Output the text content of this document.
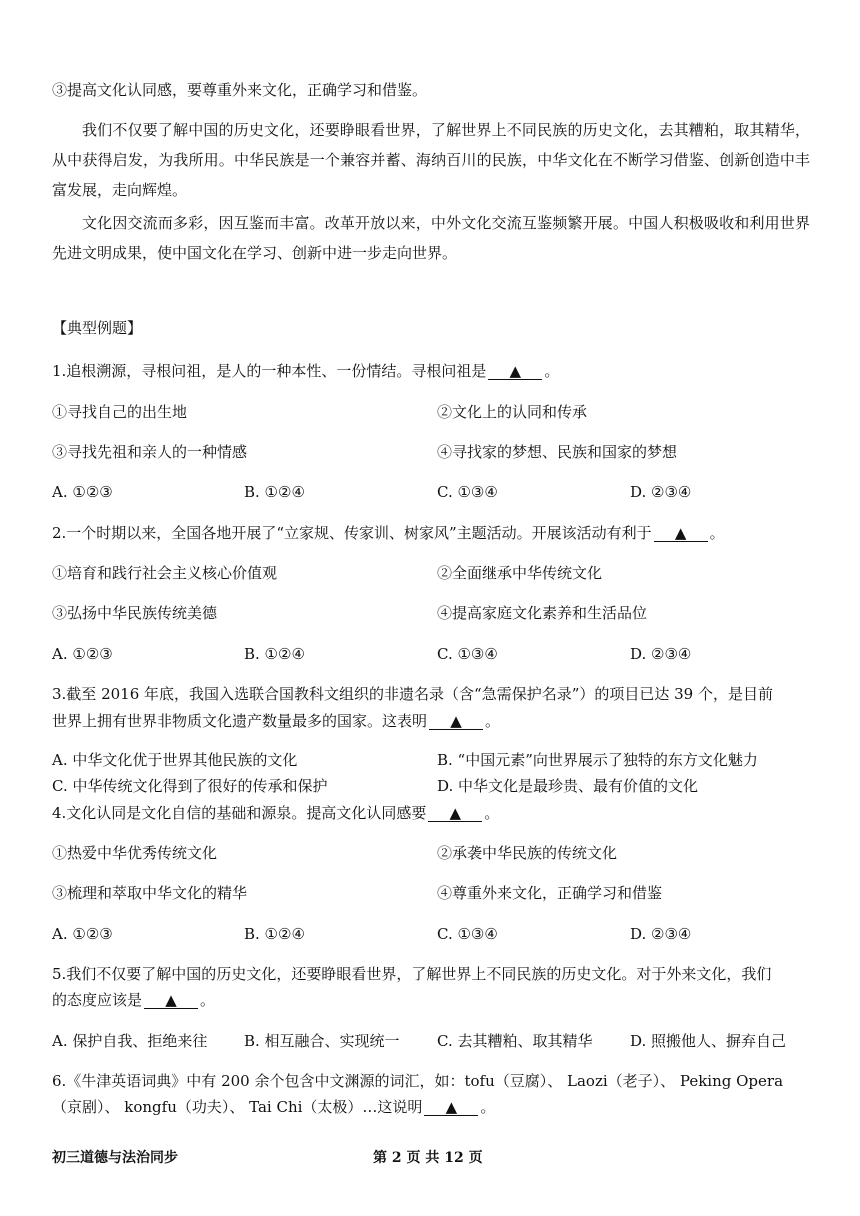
③提高文化认同感，要尊重外来文化，正确学习和借鉴。
我们不仅要了解中国的历史文化，还要睁眼看世界，了解世界上不同民族的历史文化，去其糟粕，取其精华，从中获得启发，为我所用。中华民族是一个兼容并蓄、海纳百川的民族，中华文化在不断学习借鉴、创新创造中丰富发展，走向辉煌。
文化因交流而多彩，因互鉴而丰富。改革开放以来，中外文化交流互鉴频繁开展。中国人积极吸收和利用世界先进文明成果，使中国文化在学习、创新中进一步走向世界。
【典型例题】
1.追根溯源，寻根问祖，是人的一种本性、一份情结。寻根问祖是 ▲ 。
①寻找自己的出生地	②文化上的认同和传承
③寻找先祖和亲人的一种情感	④寻找家的梦想、民族和国家的梦想
A. ①②③	B. ①②④	C. ①③④	D. ②③④
2.一个时期以来，全国各地开展了“立家规、传家训、树家风”主题活动。开展该活动有利于 ▲ 。
①培育和践行社会主义核心价值观	②全面继承中华传统文化
③弘扬中华民族传统美德	④提高家庭文化素养和生活品位
A. ①②③	B. ①②④	C. ①③④	D. ②③④
3.截至 2016 年底，我国入选联合国教科文组织的非遗名录（含“急需保护名录”）的项目已达 39 个，是目前
世界上拥有世界非物质文化遗产数量最多的国家。这表明 ▲ 。
A. 中华文化优于世界其他民族的文化	B. “中国元素”向世界展示了独特的东方文化魅力
C. 中华传统文化得到了很好的传承和保护	D. 中华文化是最珍贵、最有价值的文化
4.文化认同是文化自信的基础和源泉。提高文化认同感要 ▲ 。
①热爱中华优秀传统文化	②承袭中华民族的传统文化
③梳理和萃取中华文化的精华	④尊重外来文化，正确学习和借鉴
A. ①②③	B. ①②④	C. ①③④	D. ②③④
5.我们不仅要了解中国的历史文化，还要睁眼看世界，了解世界上不同民族的历史文化。对于外来文化，我们
的态度应该是 ▲ 。
A. 保护自我、拒绝来往 B. 相互融合、实现统一 C. 去其糟粕、取其精华	D. 照搬他人、摒弃自己
6.《牛津英语词典》中有 200 余个包含中文渊源的词汇，如：tofu（豆腐）、 Laozi（老子）、 Peking Opera
（京剧）、 kongfu（功夫）、 Tai Chi（太极）…这说明 ▲ 。
初三道德与法治同步	第 2 页 共 12 页
